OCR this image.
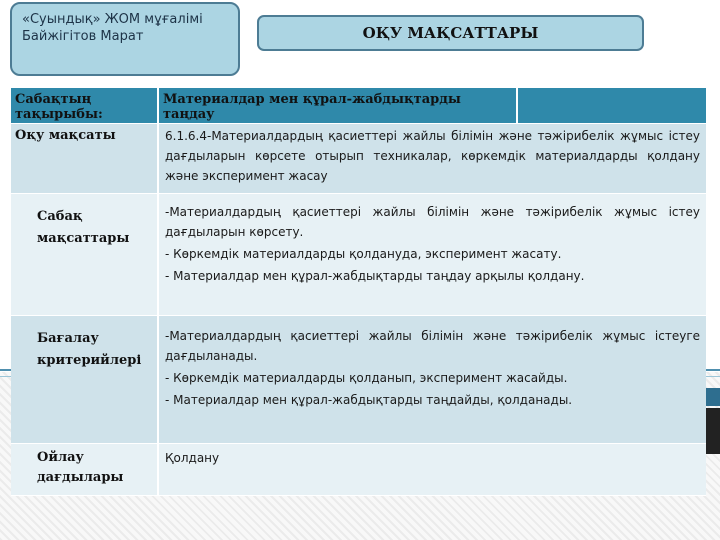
«Суындық» ЖОМ мұғалімі
Байжігітов Марат	ОҚУ МАҚСАТТАРЫ
Сабақтың тақырыбы:
Материалдар мен құрал-жабдықтарды таңдау
Оқу мақсаты	6.1.6.4-Материалдардың қасиеттері жайлы білімін және тәжірибелік жұмыс істеу дағдыларын көрсете отырып техникалар, көркемдік материалдарды қолдану және эксперимент жасау

Сабақ мақсаттары

-Материалдардың қасиеттері жайлы білімін және тәжірибелік жұмыс істеу дағдыларын көрсету.

- Көркемдік материалдарды қолдануда, эксперимент жасату.

- Материалдар мен құрал-жабдықтарды таңдау арқылы қолдану.

Бағалау критерийлері

-Материалдардың қасиеттері жайлы білімін және тәжірибелік жұмыс істеуге дағдыланады.

- Көркемдік материалдарды қолданып, эксперимент жасайды.

- Материалдар мен құрал-жабдықтарды таңдайды, қолданады.

Ойлау дағдылары

Қолдану
